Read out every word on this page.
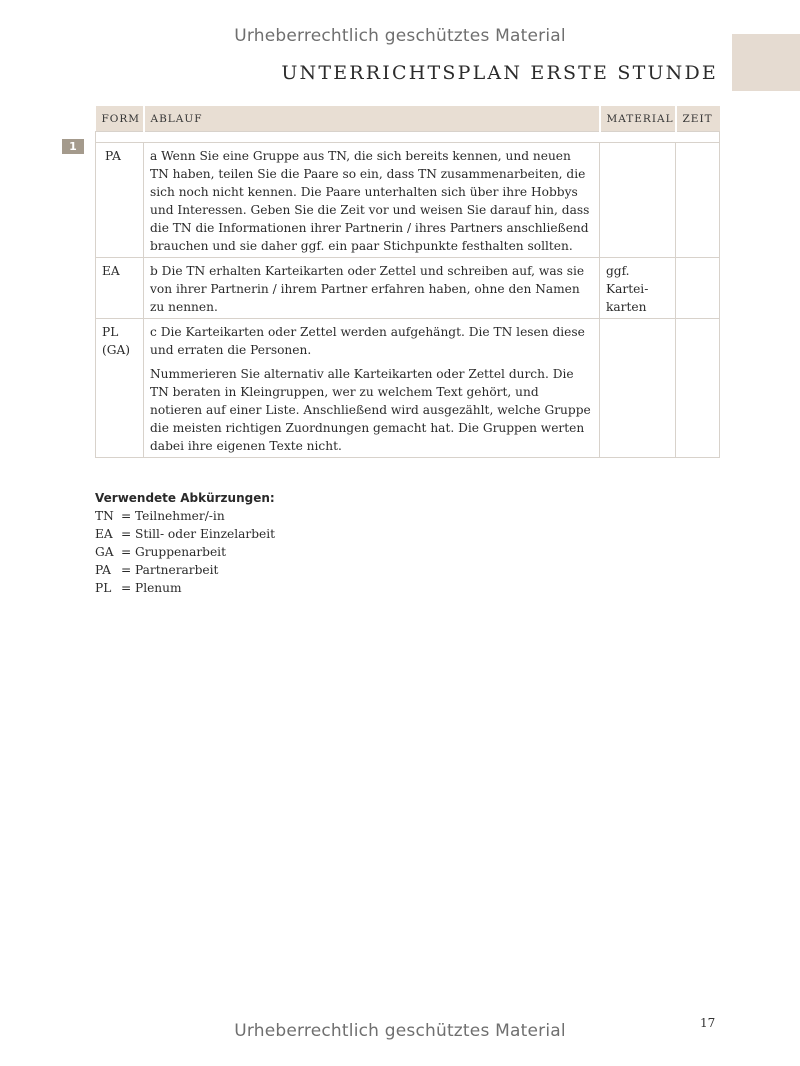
Urheberrechtlich geschütztes Material
UNTERRICHTSPLAN ERSTE STUNDE
1
FORM	ABLAUF	MATERIAL	ZEIT

PA	a Wenn Sie eine Gruppe aus TN, die sich bereits kennen, und neuen TN haben, teilen Sie die Paare so ein, dass TN zusammenarbeiten, die sich noch nicht kennen. Die Paare unterhalten sich über ihre Hobbys und Interessen. Geben Sie die Zeit vor und weisen Sie darauf hin, dass die TN die Informationen ihrer Partnerin / ihres Partners anschließend brauchen und sie daher ggf. ein paar Stichpunkte festhalten sollten.		

EA	b Die TN erhalten Karteikarten oder Zettel und schreiben auf, was sie von ihrer Partnerin / ihrem Partner erfahren haben, ohne den Namen zu nennen.	ggf. Kartei-karten	
PL (GA)	c Die Karteikarten oder Zettel werden aufgehängt. Die TN lesen diese und erraten die Personen.

Nummerieren Sie alternativ alle Karteikarten oder Zettel durch. Die TN beraten in Kleingruppen, wer zu welchem Text gehört, und notieren auf einer Liste. Anschließend wird ausgezählt, welche Gruppe die meisten richtigen Zuordnungen gemacht hat. Die Gruppen werten dabei ihre eigenen Texte nicht.		

Verwendete Abkürzungen:
TN = Teilnehmer/-in
EA = Still- oder Einzelarbeit
GA = Gruppenarbeit
PA = Partnerarbeit
PL = Plenum
17
Urheberrechtlich geschütztes Material
